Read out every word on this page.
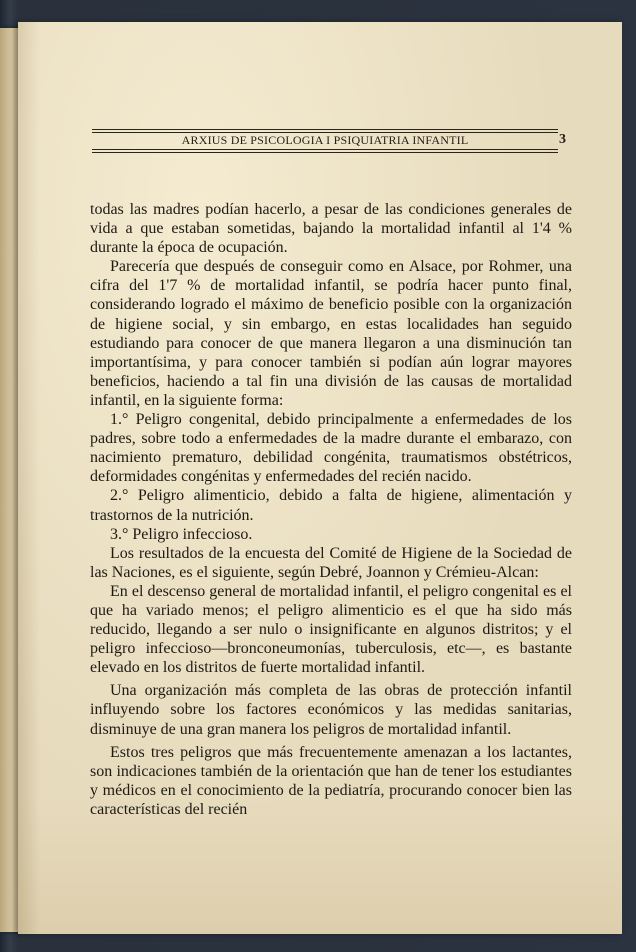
ARXIUS DE PSICOLOGIA I PSIQUIATRIA INFANTIL	3

todas las madres podían hacerlo, a pesar de las condiciones generales de vida a que estaban sometidas, bajando la mortalidad infantil al 1'4 % durante la época de ocupación.

Parecería que después de conseguir como en Alsace, por Rohmer, una cifra del 1'7 % de mortalidad infantil, se podría hacer punto final, considerando logrado el máximo de beneficio posible con la organización de higiene social, y sin embargo, en estas localidades han seguido estudiando para conocer de que manera llegaron a una disminución tan importantísima, y para conocer también si podían aún lograr mayores beneficios, haciendo a tal fin una división de las causas de mortalidad infantil, en la siguiente forma:

1.° Peligro congenital, debido principalmente a enfermedades de los padres, sobre todo a enfermedades de la madre durante el embarazo, con nacimiento prematuro, debilidad congénita, traumatismos obstétricos, deformidades congénitas y enfermedades del recién nacido.

2.° Peligro alimenticio, debido a falta de higiene, alimentación y trastornos de la nutrición.

3.° Peligro infeccioso.

Los resultados de la encuesta del Comité de Higiene de la Sociedad de las Naciones, es el siguiente, según Debré, Joannon y Crémieu-Alcan:

En el descenso general de mortalidad infantil, el peligro congenital es el que ha variado menos; el peligro alimenticio es el que ha sido más reducido, llegando a ser nulo o insignificante en algunos distritos; y el peligro infeccioso—bronconeumonías, tuberculosis, etc—, es bastante elevado en los distritos de fuerte mortalidad infantil.

Una organización más completa de las obras de protección infantil influyendo sobre los factores económicos y las medidas sanitarias, disminuye de una gran manera los peligros de mortalidad infantil.

Estos tres peligros que más frecuentemente amenazan a los lactantes, son indicaciones también de la orientación que han de tener los estudiantes y médicos en el conocimiento de la pediatría, procurando conocer bien las características del recién
